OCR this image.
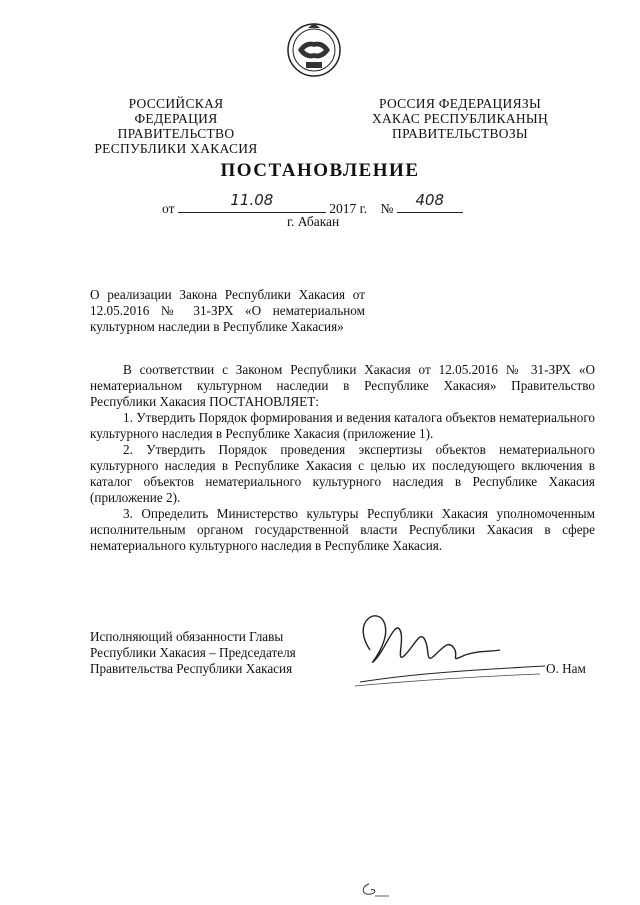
РОССИЙСКАЯ ФЕДЕРАЦИЯ
ПРАВИТЕЛЬСТВО
РЕСПУБЛИКИ ХАКАСИЯ
РОССИЯ ФЕДЕРАЦИЯЗЫ
ХАКАС РЕСПУБЛИКАНЫҢ
ПРАВИТЕЛЬСТВОЗЫ
ПОСТАНОВЛЕНИЕ
от	11.08	2017 г. №	408
г. Абакан
О реализации Закона Республики Хакасия от 12.05.2016 № 31-ЗРХ «О нематериальном культурном наследии в Республике Хакасия»

В соответствии с Законом Республики Хакасия от 12.05.2016 № 31-ЗРХ «О нематериальном культурном наследии в Республике Хакасия» Правительство Республики Хакасия ПОСТАНОВЛЯЕТ:

1. Утвердить Порядок формирования и ведения каталога объектов нематериального культурного наследия в Республике Хакасия (приложение 1).

2. Утвердить Порядок проведения экспертизы объектов нематериального культурного наследия в Республике Хакасия с целью их последующего включения в каталог объектов нематериального культурного наследия в Республике Хакасия (приложение 2).

3. Определить Министерство культуры Республики Хакасия уполномоченным исполнительным органом государственной власти Республики Хакасия в сфере нематериального культурного наследия в Республике Хакасия.

Исполняющий обязанности Главы
Республики Хакасия – Председателя
Правительства Республики Хакасия	О. Нам
